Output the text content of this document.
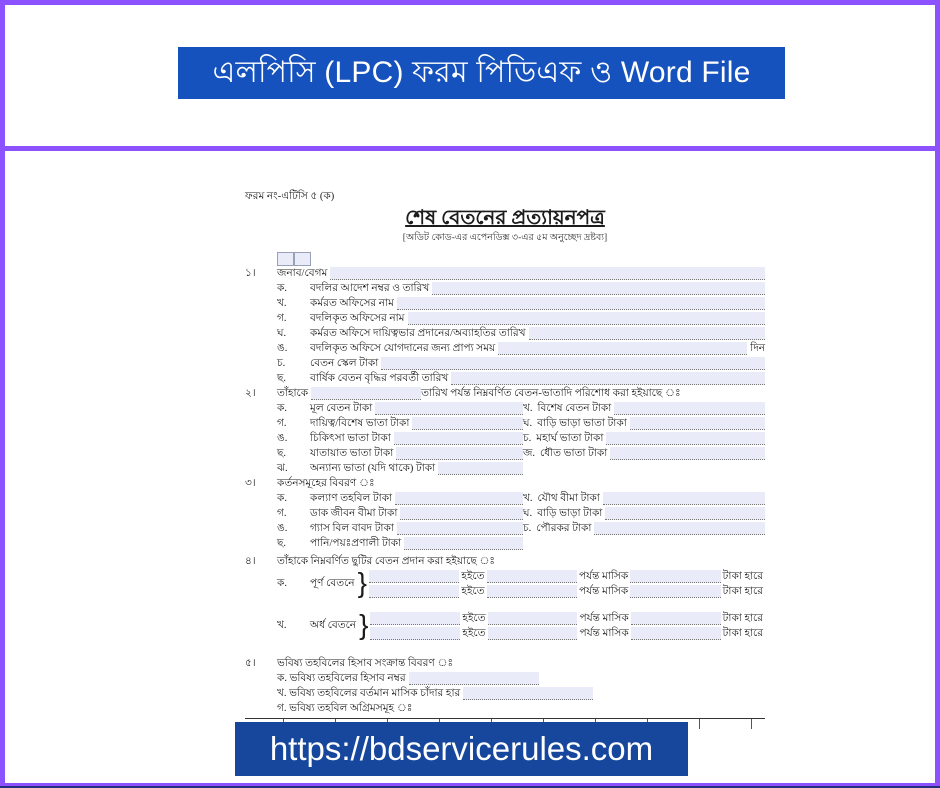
এলপিসি (LPC) ফরম পিডিএফ ও Word File
ফরম নং-এটিসি ৫ (ক)
শেষ বেতনের প্রত্যায়নপত্র
[অডিট কোড-এর এপেনডিক্স ৩-এর ৫ম অনুচ্ছেদ দ্রষ্টব্য]
১।	জনাব/বেগম
ক.	বদলির আদেশ নম্বর ও তারিখ
খ.	কর্মরত অফিসের নাম
গ.	বদলিকৃত অফিসের নাম
ঘ.	কর্মরত অফিসে দায়িত্বভার প্রদানের/অব্যাহতির তারিখ
ঙ.	বদলিকৃত অফিসে যোগদানের জন্য প্রাপ্য সময়	দিন
চ.	বেতন স্কেল টাকা
ছ.	বার্ষিক বেতন বৃদ্ধির পরবর্তী তারিখ
২।	তাঁহাকে	তারিখ পর্যন্ত নিম্নবর্ণিত বেতন-ভাতাদি পরিশোধ করা হইয়াছে ঃ
ক.	মূল বেতন টাকা	খ. বিশেষ বেতন টাকা
গ.	দায়িত্ব/বিশেষ ভাতা টাকা	ঘ. বাড়ি ভাড়া ভাতা টাকা
ঙ.	চিকিৎসা ভাতা টাকা	চ. মহার্ঘ ভাতা টাকা
ছ.	যাতায়াত ভাতা টাকা	জ. ধৌত ভাতা টাকা
ঝ.	অন্যান্য ভাতা (যদি থাকে) টাকা
৩।	কর্তনসমূহের বিবরণ ঃ
ক.	কল্যাণ তহবিল টাকা	খ. যৌথ বীমা টাকা
গ.	ডাক জীবন বীমা টাকা	ঘ. বাড়ি ভাড়া টাকা
ঙ.	গ্যাস বিল বাবদ টাকা	চ. পৌরকর টাকা
ছ.	পানি/পয়ঃপ্রণালী টাকা
৪।	তাঁহাকে নিম্নবর্ণিত ছুটির বেতন প্রদান করা হইয়াছে ঃ
ক.	পূর্ণ বেতনে }	হইতে	পর্যন্ত মাসিক	টাকা হারে
হইতে	পর্যন্ত মাসিক	টাকা হারে
খ.	অর্ধ বেতনে }	হইতে	পর্যন্ত মাসিক	টাকা হারে
হইতে	পর্যন্ত মাসিক	টাকা হারে
৫।	ভবিষ্য তহবিলের হিসাব সংক্রান্ত বিবরণ ঃ
ক. ভবিষ্য তহবিলের হিসাব নম্বর
খ. ভবিষ্য তহবিলের বর্তমান মাসিক চাঁদার হার
গ. ভবিষ্য তহবিল অগ্রিমসমূহ ঃ
https://bdservicerules.com
